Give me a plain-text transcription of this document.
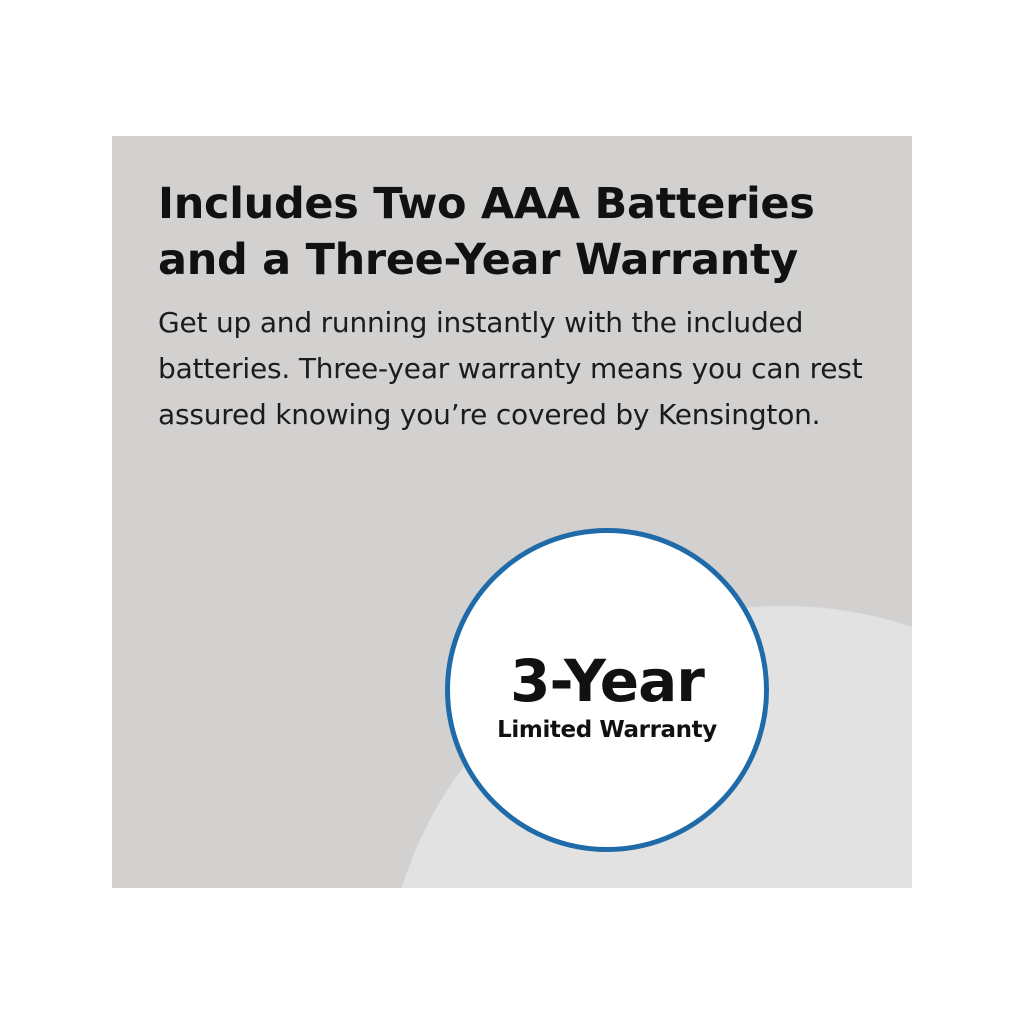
Includes Two AAA Batteries and a Three-Year Warranty

Get up and running instantly with the included batteries. Three-year warranty means you can rest assured knowing you’re covered by Kensington.

3-Year
Limited Warranty
